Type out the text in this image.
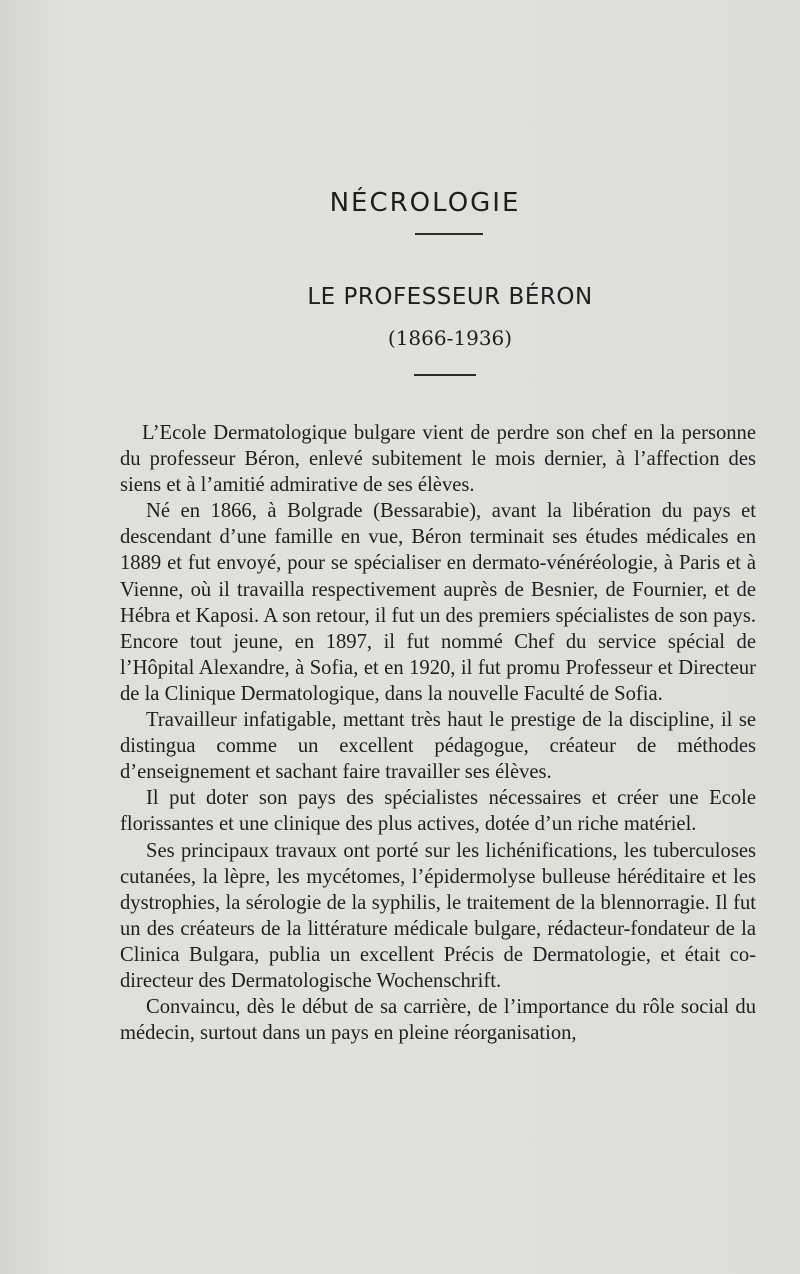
NÉCROLOGIE
LE PROFESSEUR BÉRON
(1866-1936)

L’Ecole Dermatologique bulgare vient de perdre son chef en la personne du professeur Béron, enlevé subitement le mois dernier, à l’affection des siens et à l’amitié admirative de ses élèves.

Né en 1866, à Bolgrade (Bessarabie), avant la libération du pays et descendant d’une famille en vue, Béron terminait ses études médicales en 1889 et fut envoyé, pour se spécialiser en dermato-vénéréologie, à Paris et à Vienne, où il travailla respectivement auprès de Besnier, de Fournier, et de Hébra et Kaposi. A son retour, il fut un des premiers spécialistes de son pays. Encore tout jeune, en 1897, il fut nommé Chef du service spécial de l’Hôpital Alexandre, à Sofia, et en 1920, il fut promu Professeur et Directeur de la Clinique Dermatologique, dans la nouvelle Faculté de Sofia.

Travailleur infatigable, mettant très haut le prestige de la discipline, il se distingua comme un excellent pédagogue, créateur de méthodes d’enseignement et sachant faire travailler ses élèves.

Il put doter son pays des spécialistes nécessaires et créer une Ecole florissantes et une clinique des plus actives, dotée d’un riche matériel.

Ses principaux travaux ont porté sur les lichénifications, les tuberculoses cutanées, la lèpre, les mycétomes, l’épidermolyse bulleuse héréditaire et les dystrophies, la sérologie de la syphilis, le traitement de la blennorragie. Il fut un des créateurs de la littérature médicale bulgare, rédacteur-fondateur de la Clinica Bulgara, publia un excellent Précis de Dermatologie, et était co-directeur des Dermatologische Wochenschrift.

Convaincu, dès le début de sa carrière, de l’importance du rôle social du médecin, surtout dans un pays en pleine réorganisation,
